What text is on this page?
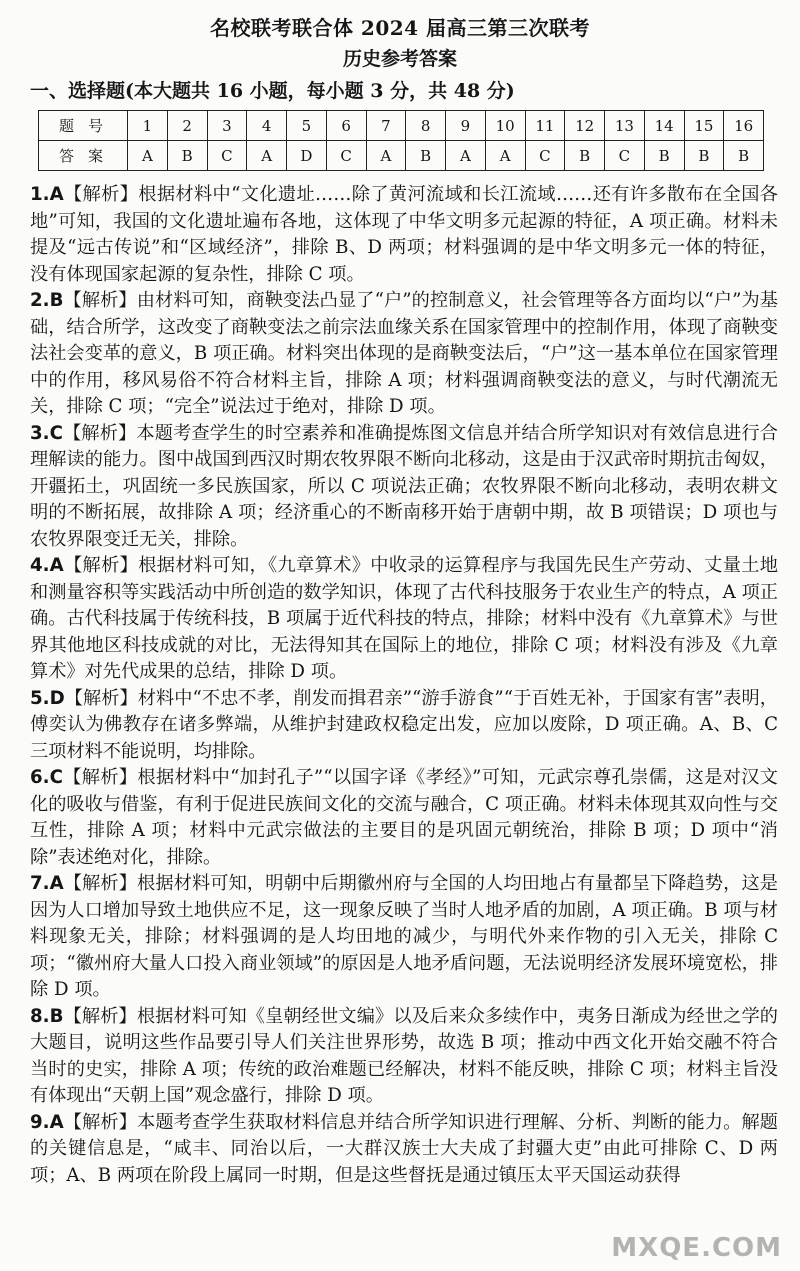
名校联考联合体 2024 届高三第三次联考
历史参考答案
一、选择题(本大题共 16 小题，每小题 3 分，共 48 分)
题号	1	2	3	4	5	6	7	8	9	10	11	12	13	14	15	16
答案	A	B	C	A	D	C	A	B	A	A	C	B	C	B	B	B

1.A【解析】根据材料中“文化遗址……除了黄河流域和长江流域……还有许多散布在全国各地”可知，我国的文化遗址遍布各地，这体现了中华文明多元起源的特征，A 项正确。材料未提及“远古传说”和“区域经济”，排除 B、D 两项；材料强调的是中华文明多元一体的特征，没有体现国家起源的复杂性，排除 C 项。

2.B【解析】由材料可知，商鞅变法凸显了“户”的控制意义，社会管理等各方面均以“户”为基础，结合所学，这改变了商鞅变法之前宗法血缘关系在国家管理中的控制作用，体现了商鞅变法社会变革的意义，B 项正确。材料突出体现的是商鞅变法后，“户”这一基本单位在国家管理中的作用，移风易俗不符合材料主旨，排除 A 项；材料强调商鞅变法的意义，与时代潮流无关，排除 C 项；“完全”说法过于绝对，排除 D 项。

3.C【解析】本题考查学生的时空素养和准确提炼图文信息并结合所学知识对有效信息进行合理解读的能力。图中战国到西汉时期农牧界限不断向北移动，这是由于汉武帝时期抗击匈奴，开疆拓土，巩固统一多民族国家，所以 C 项说法正确；农牧界限不断向北移动，表明农耕文明的不断拓展，故排除 A 项；经济重心的不断南移开始于唐朝中期，故 B 项错误；D 项也与农牧界限变迁无关，排除。

4.A【解析】根据材料可知，《九章算术》中收录的运算程序与我国先民生产劳动、丈量土地和测量容积等实践活动中所创造的数学知识，体现了古代科技服务于农业生产的特点，A 项正确。古代科技属于传统科技，B 项属于近代科技的特点，排除；材料中没有《九章算术》与世界其他地区科技成就的对比，无法得知其在国际上的地位，排除 C 项；材料没有涉及《九章算术》对先代成果的总结，排除 D 项。

5.D【解析】材料中“不忠不孝，削发而揖君亲”“游手游食”“于百姓无补，于国家有害”表明，傅奕认为佛教存在诸多弊端，从维护封建政权稳定出发，应加以废除，D 项正确。A、B、C 三项材料不能说明，均排除。

6.C【解析】根据材料中“加封孔子”“以国字译《孝经》”可知，元武宗尊孔崇儒，这是对汉文化的吸收与借鉴，有利于促进民族间文化的交流与融合，C 项正确。材料未体现其双向性与交互性，排除 A 项；材料中元武宗做法的主要目的是巩固元朝统治，排除 B 项；D 项中“消除”表述绝对化，排除。

7.A【解析】根据材料可知，明朝中后期徽州府与全国的人均田地占有量都呈下降趋势，这是因为人口增加导致土地供应不足，这一现象反映了当时人地矛盾的加剧，A 项正确。B 项与材料现象无关，排除；材料强调的是人均田地的减少，与明代外来作物的引入无关，排除 C 项；“徽州府大量人口投入商业领域”的原因是人地矛盾问题，无法说明经济发展环境宽松，排除 D 项。

8.B【解析】根据材料可知《皇朝经世文编》以及后来众多续作中，夷务日渐成为经世之学的大题目，说明这些作品要引导人们关注世界形势，故选 B 项；推动中西文化开始交融不符合当时的史实，排除 A 项；传统的政治难题已经解决，材料不能反映，排除 C 项；材料主旨没有体现出“天朝上国”观念盛行，排除 D 项。

9.A【解析】本题考查学生获取材料信息并结合所学知识进行理解、分析、判断的能力。解题的关键信息是，“咸丰、同治以后，一大群汉族士大夫成了封疆大吏”由此可排除 C、D 两项；A、B 两项在阶段上属同一时期，但是这些督抚是通过镇压太平天国运动获得

MXQE.COM
